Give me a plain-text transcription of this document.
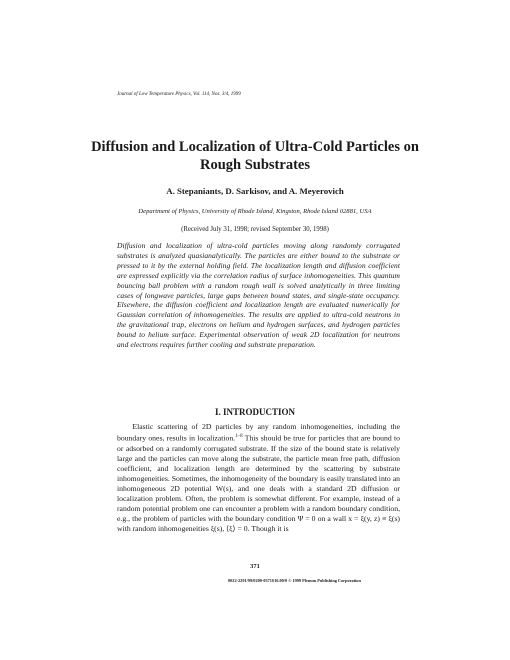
Journal of Low Temperature Physics, Vol. 114, Nos. 3/4, 1999
Diffusion and Localization of Ultra-Cold Particles on Rough Substrates
A. Stepaniants, D. Sarkisov, and A. Meyerovich
Department of Physics, University of Rhode Island, Kingston, Rhode Island 02881, USA
(Received July 31, 1998; revised September 30, 1998)
Diffusion and localization of ultra-cold particles moving along randomly corrugated substrates is analyzed quasianalytically. The particles are either bound to the substrate or pressed to it by the external holding field. The localization length and diffusion coefficient are expressed explicitly via the correlation radius of surface inhomogeneities. This quantum bouncing ball problem with a random rough wall is solved analytically in three limiting cases of longwave particles, large gaps between bound states, and single-state occupancy. Elsewhere, the diffusion coefficient and localization length are evaluated numerically for Gaussian correlation of inhomogeneities. The results are applied to ultra-cold neutrons in the gravitational trap, electrons on helium and hydrogen surfaces, and hydrogen particles bound to helium surface. Experimental observation of weak 2D localization for neutrons and electrons requires further cooling and substrate preparation.
I. INTRODUCTION
  Elastic scattering of 2D particles by any random inhomogeneities, including the boundary ones, results in localization.$^{1-8}$ This should be true for particles that are bound to or adsorbed on a randomly corrugated substrate. If the size of the bound state is relatively large and the particles can move along the substrate, the particle mean free path, diffusion coefficient, and localization length are determined by the scattering by substrate inhomogeneities. Sometimes, the inhomogeneity of the boundary is easily translated into an inhomogeneous 2D potential W(s), and one deals with a standard 2D diffusion or localization problem. Often, the problem is somewhat different. For example, instead of a random potential problem one can encounter a problem with a random boundary condition, e.g., the problem of particles with the boundary condition Ψ = 0 on a wall x = ξ(y, z) ≡ ξ(s) with random inhomogeneities ξ(s), ⟨ξ⟩ = 0. Though it is
371
0022-2291/99/0200-0371$16.00/0 © 1999 Plenum Publishing Corporation
